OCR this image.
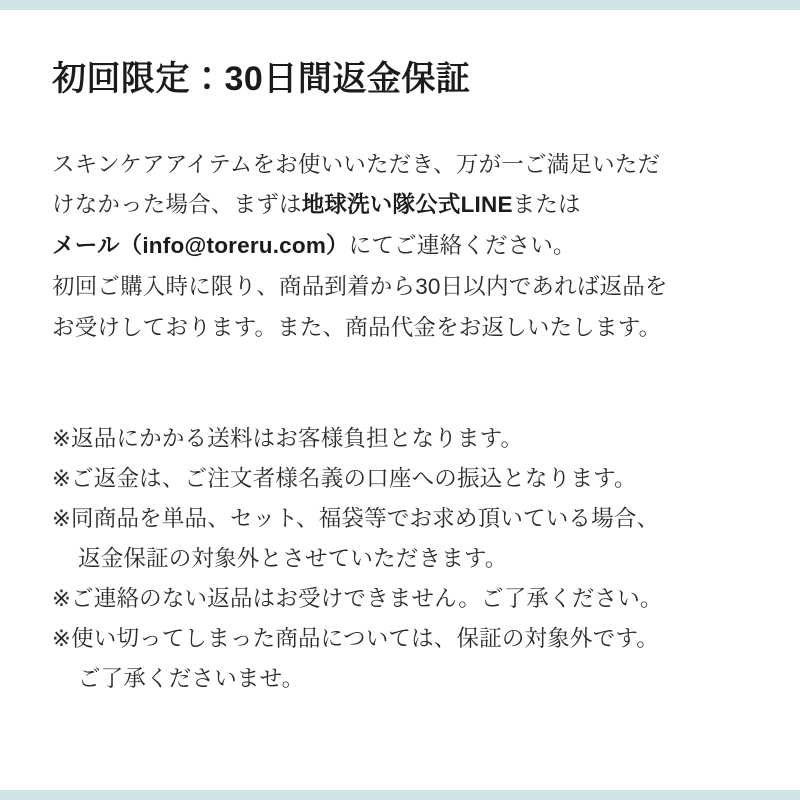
初回限定：30日間返金保証

スキンケアアイテムをお使いいただき、万が一ご満足いただ

けなかった場合、まずは地球洗い隊公式LINEまたは

メール（info@toreru.com）にてご連絡ください。

初回ご購入時に限り、商品到着から30日以内であれば返品を

お受けしております。また、商品代金をお返しいたします。

※返品にかかる送料はお客様負担となります。

※ご返金は、ご注文者様名義の口座への振込となります。

※同商品を単品、セット、福袋等でお求め頂いている場合、

返金保証の対象外とさせていただきます。

※ご連絡のない返品はお受けできません。ご了承ください。

※使い切ってしまった商品については、保証の対象外です。

ご了承くださいませ。
